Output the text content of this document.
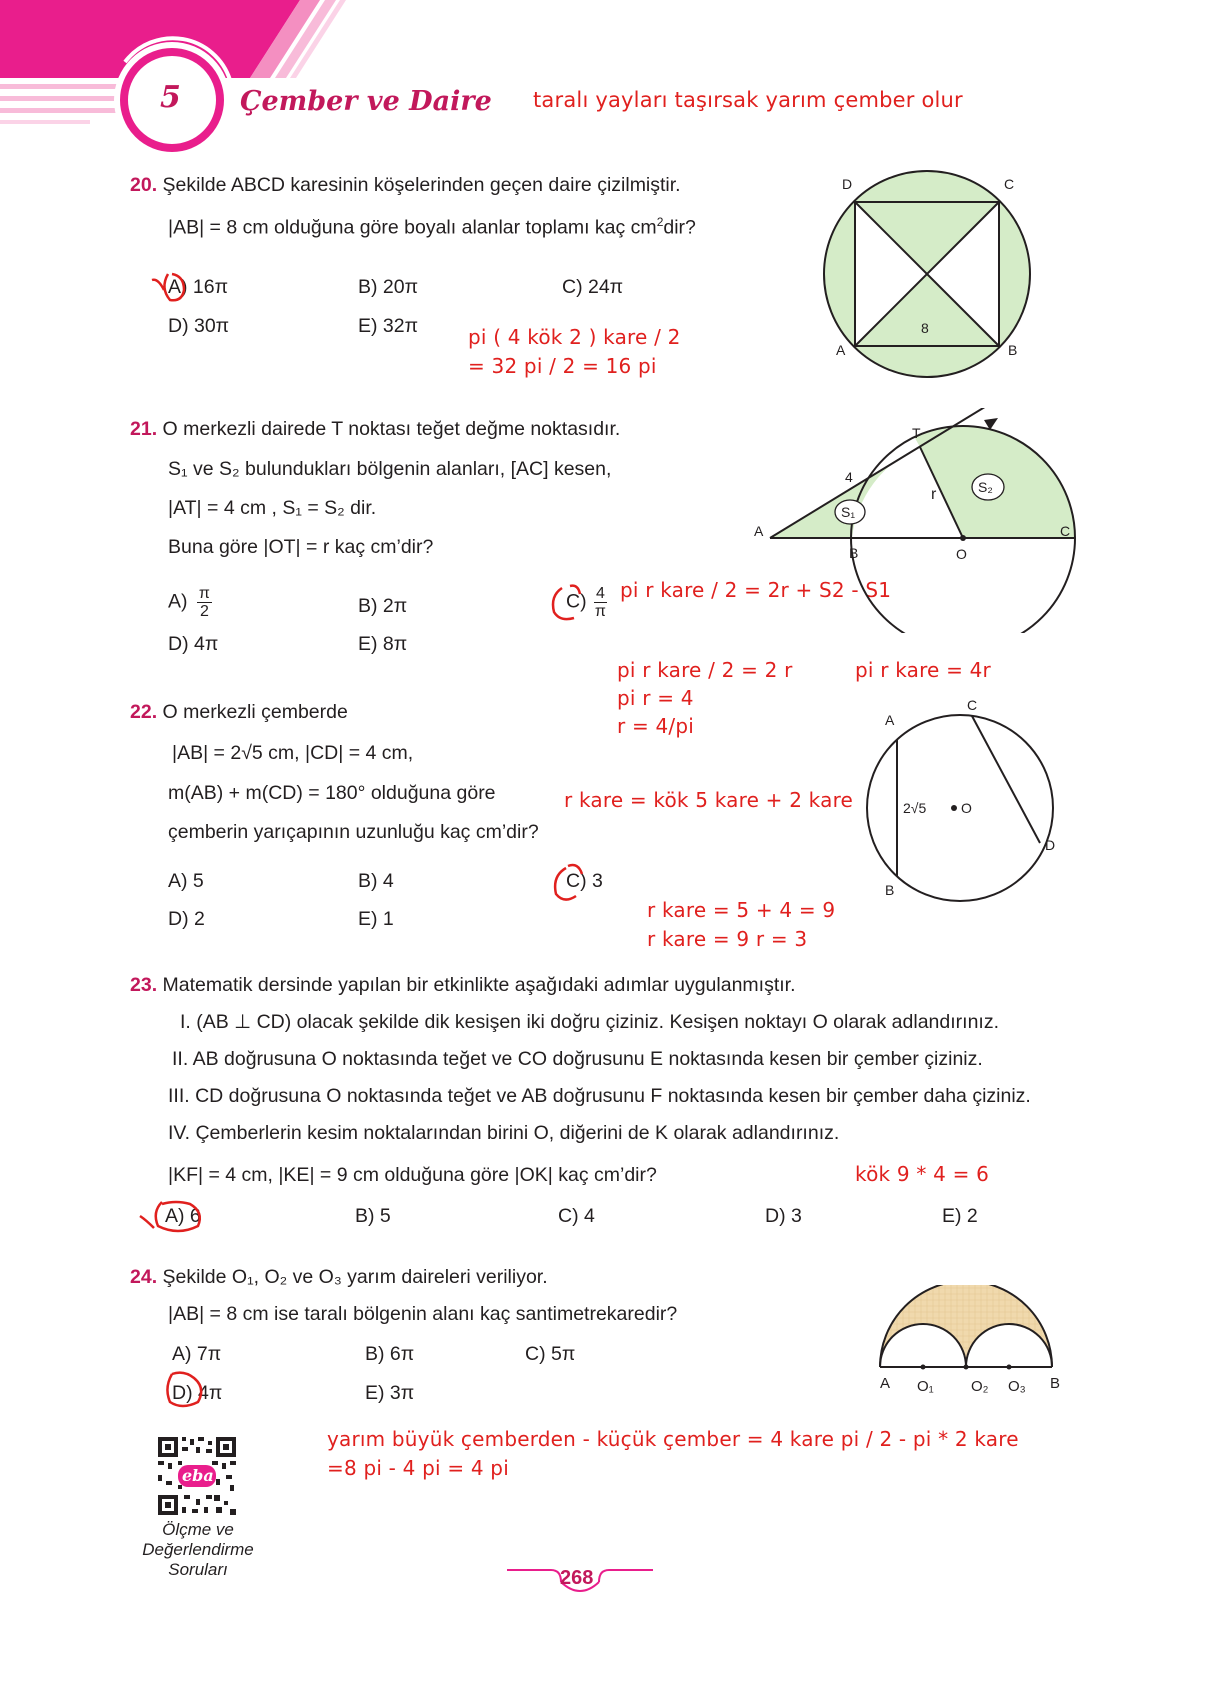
5 Çember ve Daire taralı yayları taşırsak yarım çember olur
20. Şekilde ABCD karesinin köşelerinden geçen daire çizilmiştir.
|AB| = 8 cm olduğuna göre boyalı alanlar toplamı kaç $cm^2dir$?
A) 16π	B) 20π	C) 24π
D) 30π	E) 32π pi ( 4 kök 2 ) kare / 2
= 32 pi / 2 = 16 pi
D	C
A	B
8
21. O merkezli dairede T noktası teğet değme noktasıdır.
S₁ ve S₂ bulundukları bölgenin alanları, [AC] kesen,
|AT| = 4 cm , S₁ = S₂ dir.
Buna göre |OT| = r kaç cm’dir?
$A) \frac{\pi}{2}$	B) 2π	$C) \frac{4}{\pi}$
D) 4π	E) 8π
pi r kare / 2 = 2r + S2 - S1
pi r kare / 2 = 2 r
pi r = 4
r = 4/pi
pi r kare = 4r
S₁
S₂
A
B	O
C
T
r
4
22. O merkezli çemberde
|AB| = 2√5 cm, |CD| = 4 cm,
m(AB) + m(CD) = 180° olduğuna göre
çemberin yarıçapının uzunluğu kaç cm’dir?
A) 5	B) 4	C) 3
D) 2	E) 1
r kare = kök 5 kare + 2 kare
r kare = 5 + 4 = 9
r kare = 9 r = 3
A
C
B
D
O
2√5
23. Matematik dersinde yapılan bir etkinlikte aşağıdaki adımlar uygulanmıştır.
I. (AB ⊥ CD) olacak şekilde dik kesişen iki doğru çiziniz. Kesişen noktayı O olarak adlandırınız.
II. AB doğrusuna O noktasında teğet ve CO doğrusunu E noktasında kesen bir çember çiziniz.
III. CD doğrusuna O noktasında teğet ve AB doğrusunu F noktasında kesen bir çember daha çiziniz.
IV. Çemberlerin kesim noktalarından birini O, diğerini de K olarak adlandırınız.
|KF| = 4 cm, |KE| = 9 cm olduğuna göre |OK| kaç cm’dir?	kök 9 * 4 = 6
A) 6	B) 5	C) 4	D) 3	E) 2
24. Şekilde O₁, O₂ ve O₃ yarım daireleri veriliyor.
|AB| = 8 cm ise taralı bölgenin alanı kaç santimetrekaredir?
A) 7π	B) 6π	C) 5π
D) 4π	E) 3π
yarım büyük çemberden - küçük çember = 4 kare pi / 2 - pi * 2 kare
=8 pi - 4 pi = 4 pi
A O₁ O₂ O₃ B
eba
Ölçme ve
Değerlendirme
Soruları	268
